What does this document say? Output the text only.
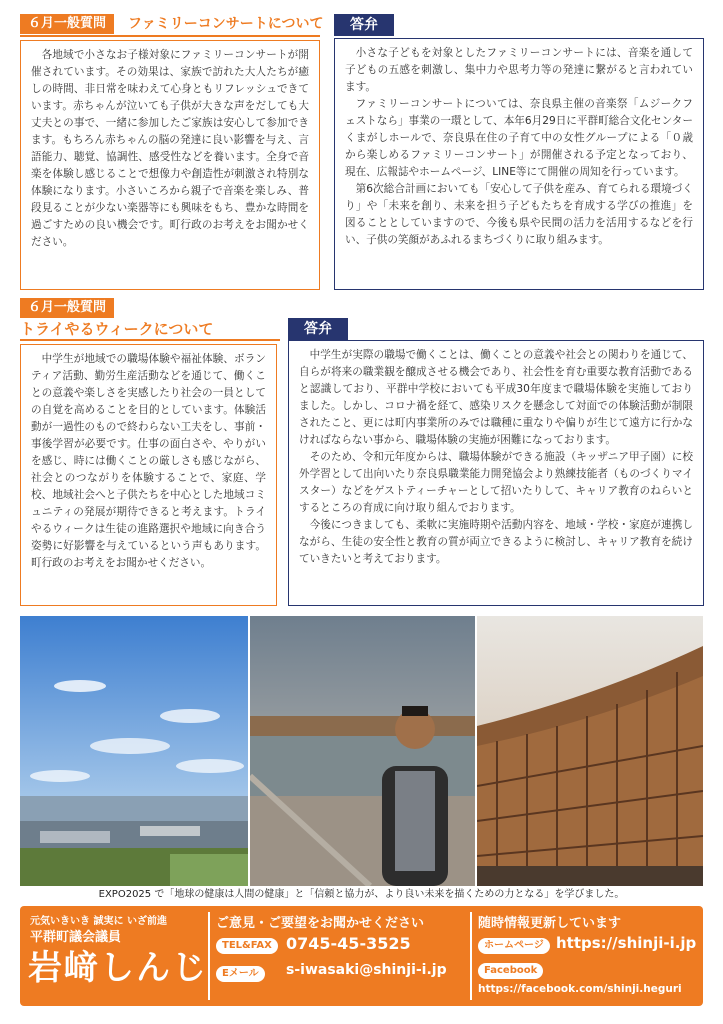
６月一般質問	ファミリーコンサートについて

各地域で小さなお子様対象にファミリーコンサートが開催されています。その効果は、家族で訪れた大人たちが癒しの時間、非日常を味わえて心身ともリフレッシュできています。赤ちゃんが泣いても子供が大きな声をだしても大丈夫との事で、一緒に参加したご家族は安心して参加できます。もちろん赤ちゃんの脳の発達に良い影響を与え、言語能力、聴覚、協調性、感受性などを養います。全身で音楽を体験し感じることで想像力や創造性が刺激され特別な体験になります。小さいころから親子で音楽を楽しみ、普段見ることが少ない楽器等にも興味をもち、豊かな時間を過ごすための良い機会です。町行政のお考えをお聞かせください。

答弁

小さな子どもを対象としたファミリーコンサートには、音楽を通して子どもの五感を刺激し、集中力や思考力等の発達に繋がると言われています。

ファミリーコンサートについては、奈良県主催の音楽祭「ムジークフェストなら」事業の一環として、本年6月29日に平群町総合文化センターくまがしホールで、奈良県在住の子育て中の女性グループによる「０歳から楽しめるファミリーコンサート」が開催される予定となっており、現在、広報誌やホームページ、LINE等にて開催の周知を行っています。

第6次総合計画においても「安心して子供を産み、育てられる環境づくり」や「未来を創り、未来を担う子どもたちを育成する学びの推進」を図ることとしていますので、今後も県や民間の活力を活用するなどを行い、子供の笑顔があふれるまちづくりに取り組みます。

６月一般質問
トライやるウィークについて

中学生が地域での職場体験や福祉体験、ボランティア活動、勤労生産活動などを通じて、働くことの意義や楽しさを実感したり社会の一員としての自覚を高めることを目的としています。体験活動が一過性のもので終わらない工夫をし、事前・事後学習が必要です。仕事の面白さや、やりがいを感じ、時には働くことの厳しさも感じながら、社会とのつながりを体験することで、家庭、学校、地域社会へと子供たちを中心とした地域コミュニティの発展が期待できると考えます。トライやるウィークは生徒の進路選択や地域に向き合う姿勢に好影響を与えているという声もあります。町行政のお考えをお聞かせください。

答弁

中学生が実際の職場で働くことは、働くことの意義や社会との関わりを通じて、自らが将来の職業観を醸成させる機会であり、社会性を育む重要な教育活動であると認識しており、平群中学校においても平成30年度まで職場体験を実施しておりました。しかし、コロナ禍を経て、感染リスクを懸念して対面での体験活動が制限されたこと、更には町内事業所のみでは職種に重なりや偏りが生じて遠方に行かなければならない事から、職場体験の実施が困難になっております。

そのため、令和元年度からは、職場体験ができる施設（キッザニア甲子園）に校外学習として出向いたり奈良県職業能力開発協会より熟練技能者（ものづくりマイスター）などをゲストティーチャーとして招いたりして、キャリア教育のねらいとするところの育成に向け取り組んでおります。

今後につきましても、柔軟に実施時期や活動内容を、地域・学校・家庭が連携しながら、生徒の安全性と教育の質が両立できるように検討し、キャリア教育を続けていきたいと考えております。

EXPO2025 で「地球の健康は人間の健康」と「信頼と協力が、より良い未来を描くための力となる」を学びました。
元気いきいき 誠実に いざ前進
平群町議会議員
岩﨑しんじ
ご意見・ご要望をお聞かせください
TEL&FAX 0745-45-3525
Eメール	s-iwasaki@shinji-i.jp
随時情報更新しています
ホームページ https://shinji-i.jp
Facebook
https://facebook.com/shinji.heguri
